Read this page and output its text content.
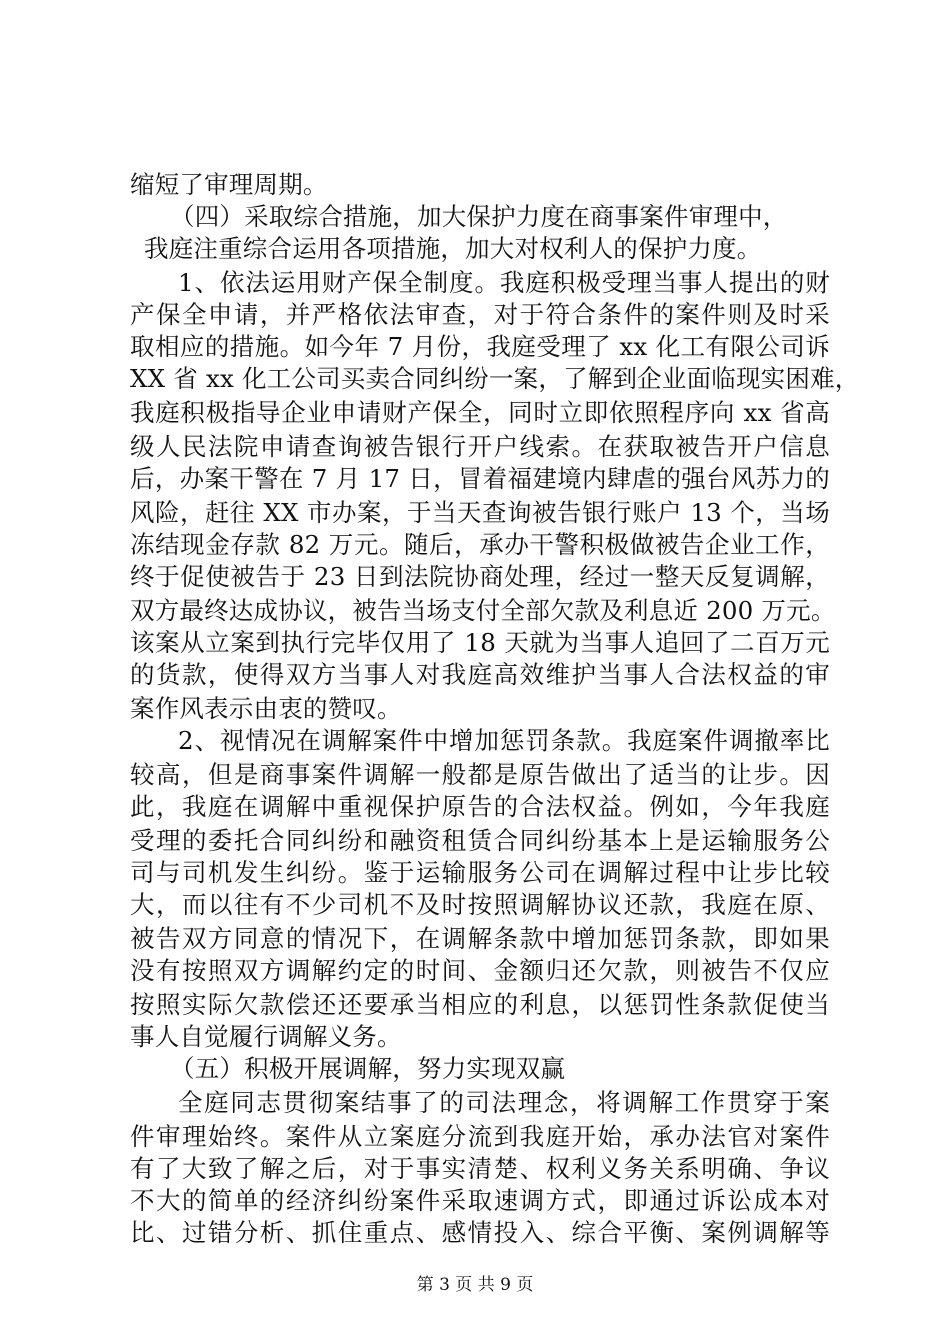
缩短了审理周期。
（四）采取综合措施，加大保护力度在商事案件审理中，
我庭注重综合运用各项措施，加大对权利人的保护力度。
1、依法运用财产保全制度。我庭积极受理当事人提出的财
产保全申请，并严格依法审查，对于符合条件的案件则及时采
取相应的措施。如今年 7 月份，我庭受理了 xx 化工有限公司诉
XX 省 xx 化工公司买卖合同纠纷一案，了解到企业面临现实困难，
我庭积极指导企业申请财产保全，同时立即依照程序向 xx 省高
级人民法院申请查询被告银行开户线索。在获取被告开户信息
后，办案干警在 7 月 17 日，冒着福建境内肆虐的强台风苏力的
风险，赶往 XX 市办案，于当天查询被告银行账户 13 个，当场
冻结现金存款 82 万元。随后，承办干警积极做被告企业工作，
终于促使被告于 23 日到法院协商处理，经过一整天反复调解，
双方最终达成协议，被告当场支付全部欠款及利息近 200 万元。
该案从立案到执行完毕仅用了 18 天就为当事人追回了二百万元
的货款，使得双方当事人对我庭高效维护当事人合法权益的审
案作风表示由衷的赞叹。
2、视情况在调解案件中增加惩罚条款。我庭案件调撤率比
较高，但是商事案件调解一般都是原告做出了适当的让步。因
此，我庭在调解中重视保护原告的合法权益。例如，今年我庭
受理的委托合同纠纷和融资租赁合同纠纷基本上是运输服务公
司与司机发生纠纷。鉴于运输服务公司在调解过程中让步比较
大，而以往有不少司机不及时按照调解协议还款，我庭在原、
被告双方同意的情况下，在调解条款中增加惩罚条款，即如果
没有按照双方调解约定的时间、金额归还欠款，则被告不仅应
按照实际欠款偿还还要承当相应的利息，以惩罚性条款促使当
事人自觉履行调解义务。
（五）积极开展调解，努力实现双赢
全庭同志贯彻案结事了的司法理念，将调解工作贯穿于案
件审理始终。案件从立案庭分流到我庭开始，承办法官对案件
有了大致了解之后，对于事实清楚、权利义务关系明确、争议
不大的简单的经济纠纷案件采取速调方式，即通过诉讼成本对
比、过错分析、抓住重点、感情投入、综合平衡、案例调解等
第 3 页 共 9 页
